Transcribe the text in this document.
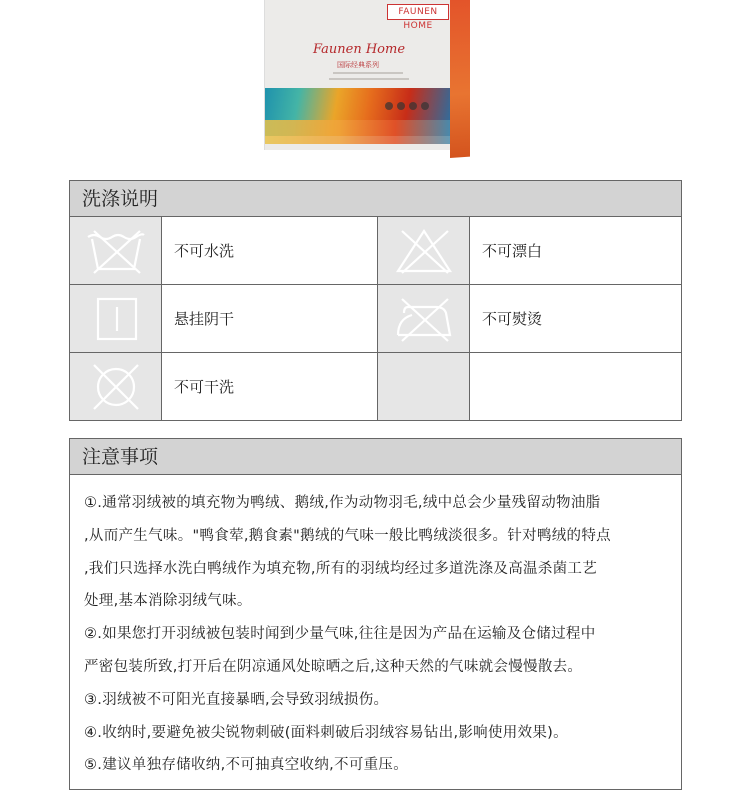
FAUNEN HOME
Faunen Home
国际经典系列
洗涤说明
不可水洗	不可漂白
悬挂阴干	不可熨烫
不可干洗
注意事项
①.通常羽绒被的填充物为鸭绒、鹅绒,作为动物羽毛,绒中总会少量残留动物油脂
,从而产生气味。"鸭食荤,鹅食素"鹅绒的气味一般比鸭绒淡很多。针对鸭绒的特点
,我们只选择水洗白鸭绒作为填充物,所有的羽绒均经过多道洗涤及高温杀菌工艺
处理,基本消除羽绒气味。
②.如果您打开羽绒被包装时闻到少量气味,往往是因为产品在运输及仓储过程中
严密包装所致,打开后在阴凉通风处晾晒之后,这种天然的气味就会慢慢散去。
③.羽绒被不可阳光直接暴晒,会导致羽绒损伤。
④.收纳时,要避免被尖锐物刺破(面料刺破后羽绒容易钻出,影响使用效果)。
⑤.建议单独存储收纳,不可抽真空收纳,不可重压。
